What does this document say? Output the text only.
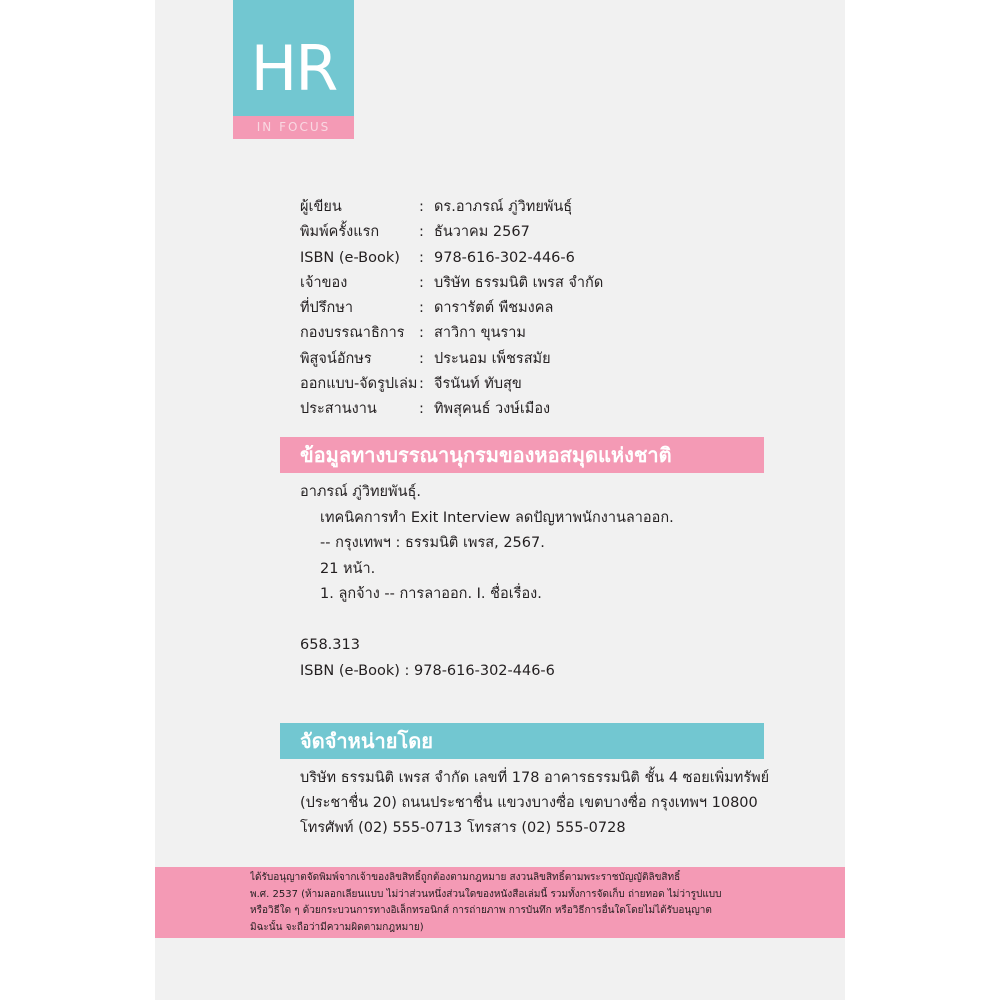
HR
IN FOCUS
ผู้เขียน	: ดร.อาภรณ์ ภู่วิทยพันธุ์
พิมพ์ครั้งแรก	: ธันวาคม 2567
ISBN (e-Book) : 978-616-302-446-6
เจ้าของ	: บริษัท ธรรมนิติ เพรส จำกัด
ที่ปรึกษา	: ดารารัตต์ พืชมงคล
กองบรรณาธิการ : สาวิกา ขุนราม
พิสูจน์อักษร	: ประนอม เพ็ชรสมัย
ออกแบบ-จัดรูปเล่ม : จีรนันท์ ทับสุข
ประสานงาน	: ทิพสุคนธ์ วงษ์เมือง
ข้อมูลทางบรรณานุกรมของหอสมุดแห่งชาติ
อาภรณ์ ภู่วิทยพันธุ์.
เทคนิคการทำ Exit Interview ลดปัญหาพนักงานลาออก.
-- กรุงเทพฯ : ธรรมนิติ เพรส, 2567.
21 หน้า.
1. ลูกจ้าง -- การลาออก. I. ชื่อเรื่อง.
658.313
ISBN (e-Book) : 978-616-302-446-6
จัดจำหน่ายโดย
บริษัท ธรรมนิติ เพรส จำกัด เลขที่ 178 อาคารธรรมนิติ ชั้น 4 ซอยเพิ่มทรัพย์
(ประชาชื่น 20) ถนนประชาชื่น แขวงบางซื่อ เขตบางซื่อ กรุงเทพฯ 10800
โทรศัพท์ (02) 555-0713 โทรสาร (02) 555-0728
ได้รับอนุญาตจัดพิมพ์จากเจ้าของลิขสิทธิ์ถูกต้องตามกฎหมาย สงวนลิขสิทธิ์ตามพระราชบัญญัติลิขสิทธิ์
พ.ศ. 2537 (ห้ามลอกเลียนแบบ ไม่ว่าส่วนหนึ่งส่วนใดของหนังสือเล่มนี้ รวมทั้งการจัดเก็บ ถ่ายทอด ไม่ว่ารูปแบบ
หรือวิธีใด ๆ ด้วยกระบวนการทางอิเล็กทรอนิกส์ การถ่ายภาพ การบันทึก หรือวิธีการอื่นใดโดยไม่ได้รับอนุญาต
มิฉะนั้น จะถือว่ามีความผิดตามกฎหมาย)
